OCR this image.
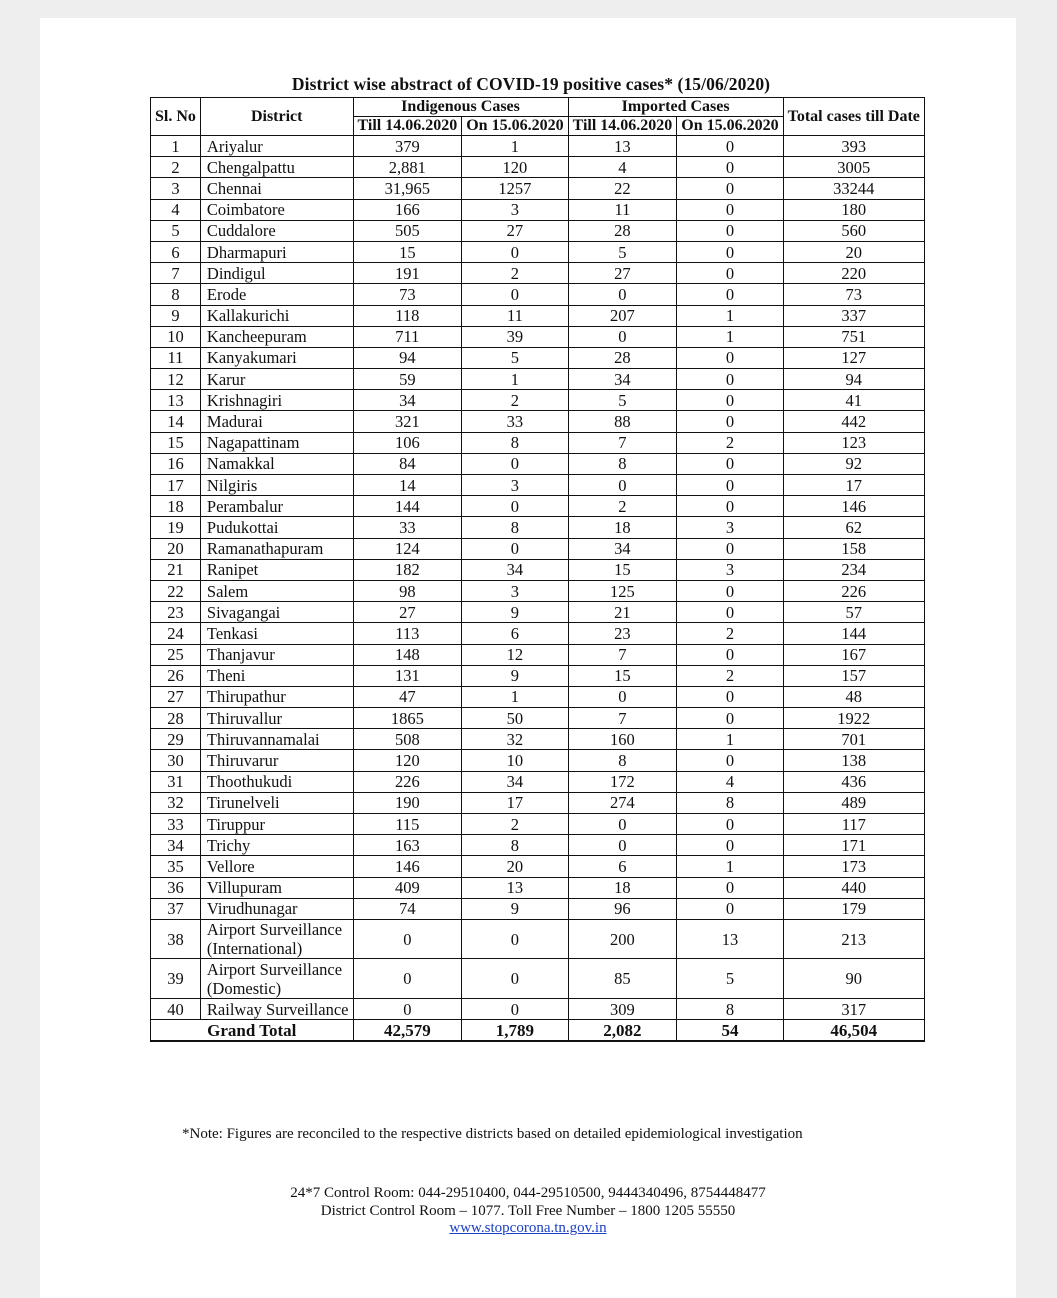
District wise abstract of COVID-19 positive cases* (15/06/2020)
Sl. No	District	Indigenous Cases		Imported Cases		Total cases till Date
		Till 14.06.2020	On 15.06.2020	Till 14.06.2020	On 15.06.2020	
1	Ariyalur	379	1	13	0	393
2	Chengalpattu	2,881	120	4	0	3005
3	Chennai	31,965	1257	22	0	33244
4	Coimbatore	166	3	11	0	180
5	Cuddalore	505	27	28	0	560
6	Dharmapuri	15	0	5	0	20
7	Dindigul	191	2	27	0	220
8	Erode	73	0	0	0	73
9	Kallakurichi	118	11	207	1	337
10	Kancheepuram	711	39	0	1	751
11	Kanyakumari	94	5	28	0	127
12	Karur	59	1	34	0	94
13	Krishnagiri	34	2	5	0	41
14	Madurai	321	33	88	0	442
15	Nagapattinam	106	8	7	2	123
16	Namakkal	84	0	8	0	92
17	Nilgiris	14	3	0	0	17
18	Perambalur	144	0	2	0	146
19	Pudukottai	33	8	18	3	62
20	Ramanathapuram	124	0	34	0	158
21	Ranipet	182	34	15	3	234
22	Salem	98	3	125	0	226
23	Sivagangai	27	9	21	0	57
24	Tenkasi	113	6	23	2	144
25	Thanjavur	148	12	7	0	167
26	Theni	131	9	15	2	157
27	Thirupathur	47	1	0	0	48
28	Thiruvallur	1865	50	7	0	1922
29	Thiruvannamalai	508	32	160	1	701
30	Thiruvarur	120	10	8	0	138
31	Thoothukudi	226	34	172	4	436
32	Tirunelveli	190	17	274	8	489
33	Tiruppur	115	2	0	0	117
34	Trichy	163	8	0	0	171
35	Vellore	146	20	6	1	173
36	Villupuram	409	13	18	0	440
37	Virudhunagar	74	9	96	0	179
38	Airport Surveillance (International)	0	0	200	13	213
39	Airport Surveillance (Domestic)	0	0	85	5	90
40	Railway Surveillance	0	0	309	8	317
Grand Total		42,579	1,789	2,082	54	46,504
*Note: Figures are reconciled to the respective districts based on detailed epidemiological investigation
24*7 Control Room: 044-29510400, 044-29510500, 9444340496, 8754448477
District Control Room – 1077. Toll Free Number – 1800 1205 55550
www.stopcorona.tn.gov.in
